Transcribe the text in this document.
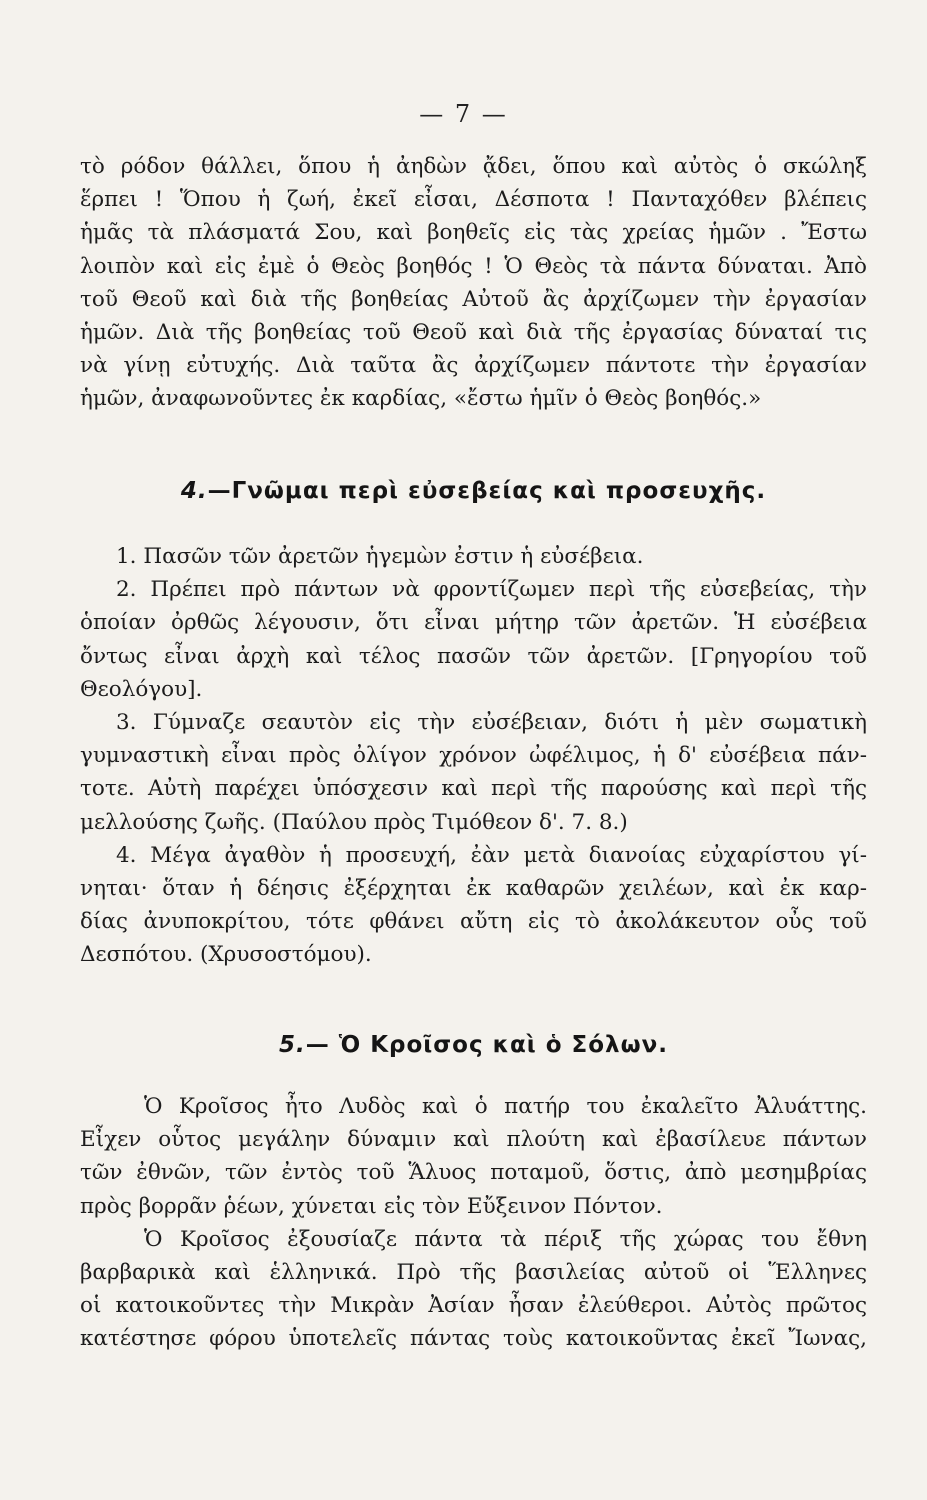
— 7 —
τὸ ρόδον θάλλει, ὅπου ἡ ἀηδὼν ᾄδει, ὅπου καὶ αὐτὸς ὁ σκώληξ
ἕρπει ! Ὅπου ἡ ζωή, ἐκεῖ εἶσαι, Δέσποτα ! Πανταχόθεν βλέπεις
ἡμᾶς τὰ πλάσματά Σου, καὶ βοηθεῖς εἰς τὰς χρείας ἡμῶν . Ἔστω
λοιπὸν καὶ εἰς ἐμὲ ὁ Θεὸς βοηθός ! Ὁ Θεὸς τὰ πάντα δύναται. Ἀπὸ
τοῦ Θεοῦ καὶ διὰ τῆς βοηθείας Αὐτοῦ ἂς ἀρχίζωμεν τὴν ἐργασίαν
ἡμῶν. Διὰ τῆς βοηθείας τοῦ Θεοῦ καὶ διὰ τῆς ἐργασίας δύναταί τις
νὰ γίνῃ εὐτυχής. Διὰ ταῦτα ἂς ἀρχίζωμεν πάντοτε τὴν ἐργασίαν
ἡμῶν, ἀναφωνοῦντες ἐκ καρδίας, «ἔστω ἡμῖν ὁ Θεὸς βοηθός.»
4.—Γνῶμαι περὶ εὐσεβείας καὶ προσευχῆς.
1. Πασῶν τῶν ἀρετῶν ἡγεμὼν ἐστιν ἡ εὐσέβεια.
2. Πρέπει πρὸ πάντων νὰ φροντίζωμεν περὶ τῆς εὐσεβείας, τὴν
ὁποίαν ὀρθῶς λέγουσιν, ὅτι εἶναι μήτηρ τῶν ἀρετῶν. Ἡ εὐσέβεια
ὄντως εἶναι ἀρχὴ καὶ τέλος πασῶν τῶν ἀρετῶν. [Γρηγορίου τοῦ
Θεολόγου].
3. Γύμναζε σεαυτὸν εἰς τὴν εὐσέβειαν, διότι ἡ μὲν σωματικὴ
γυμναστικὴ εἶναι πρὸς ὀλίγον χρόνον ὠφέλιμος, ἡ δ' εὐσέβεια πάν-
τοτε. Αὐτὴ παρέχει ὑπόσχεσιν καὶ περὶ τῆς παρούσης καὶ περὶ τῆς
μελλούσης ζωῆς. (Παύλου πρὸς Τιμόθεον δ'. 7. 8.)
4. Μέγα ἀγαθὸν ἡ προσευχή, ἐὰν μετὰ διανοίας εὐχαρίστου γί-
νηται· ὅταν ἡ δέησις ἐξέρχηται ἐκ καθαρῶν χειλέων, καὶ ἐκ καρ-
δίας ἀνυποκρίτου, τότε φθάνει αὔτη εἰς τὸ ἀκολάκευτον οὖς τοῦ
Δεσπότου. (Χρυσοστόμου).
5.— Ὁ Κροῖσος καὶ ὁ Σόλων.
Ὁ Κροῖσος ἦτο Λυδὸς καὶ ὁ πατήρ του ἐκαλεῖτο Ἀλυάττης.
Εἶχεν οὗτος μεγάλην δύναμιν καὶ πλούτη καὶ ἐβασίλευε πάντων
τῶν ἐθνῶν, τῶν ἐντὸς τοῦ Ἅλυος ποταμοῦ, ὅστις, ἀπὸ μεσημβρίας
πρὸς βορρᾶν ῥέων, χύνεται εἰς τὸν Εὔξεινον Πόντον.
Ὁ Κροῖσος ἐξουσίαζε πάντα τὰ πέριξ τῆς χώρας του ἔθνη
βαρβαρικὰ καὶ ἑλληνικά. Πρὸ τῆς βασιλείας αὐτοῦ οἱ Ἕλληνες
οἱ κατοικοῦντες τὴν Μικρὰν Ἀσίαν ἦσαν ἐλεύθεροι. Αὐτὸς πρῶτος
κατέστησε φόρου ὑποτελεῖς πάντας τοὺς κατοικοῦντας ἐκεῖ Ἴωνας,
